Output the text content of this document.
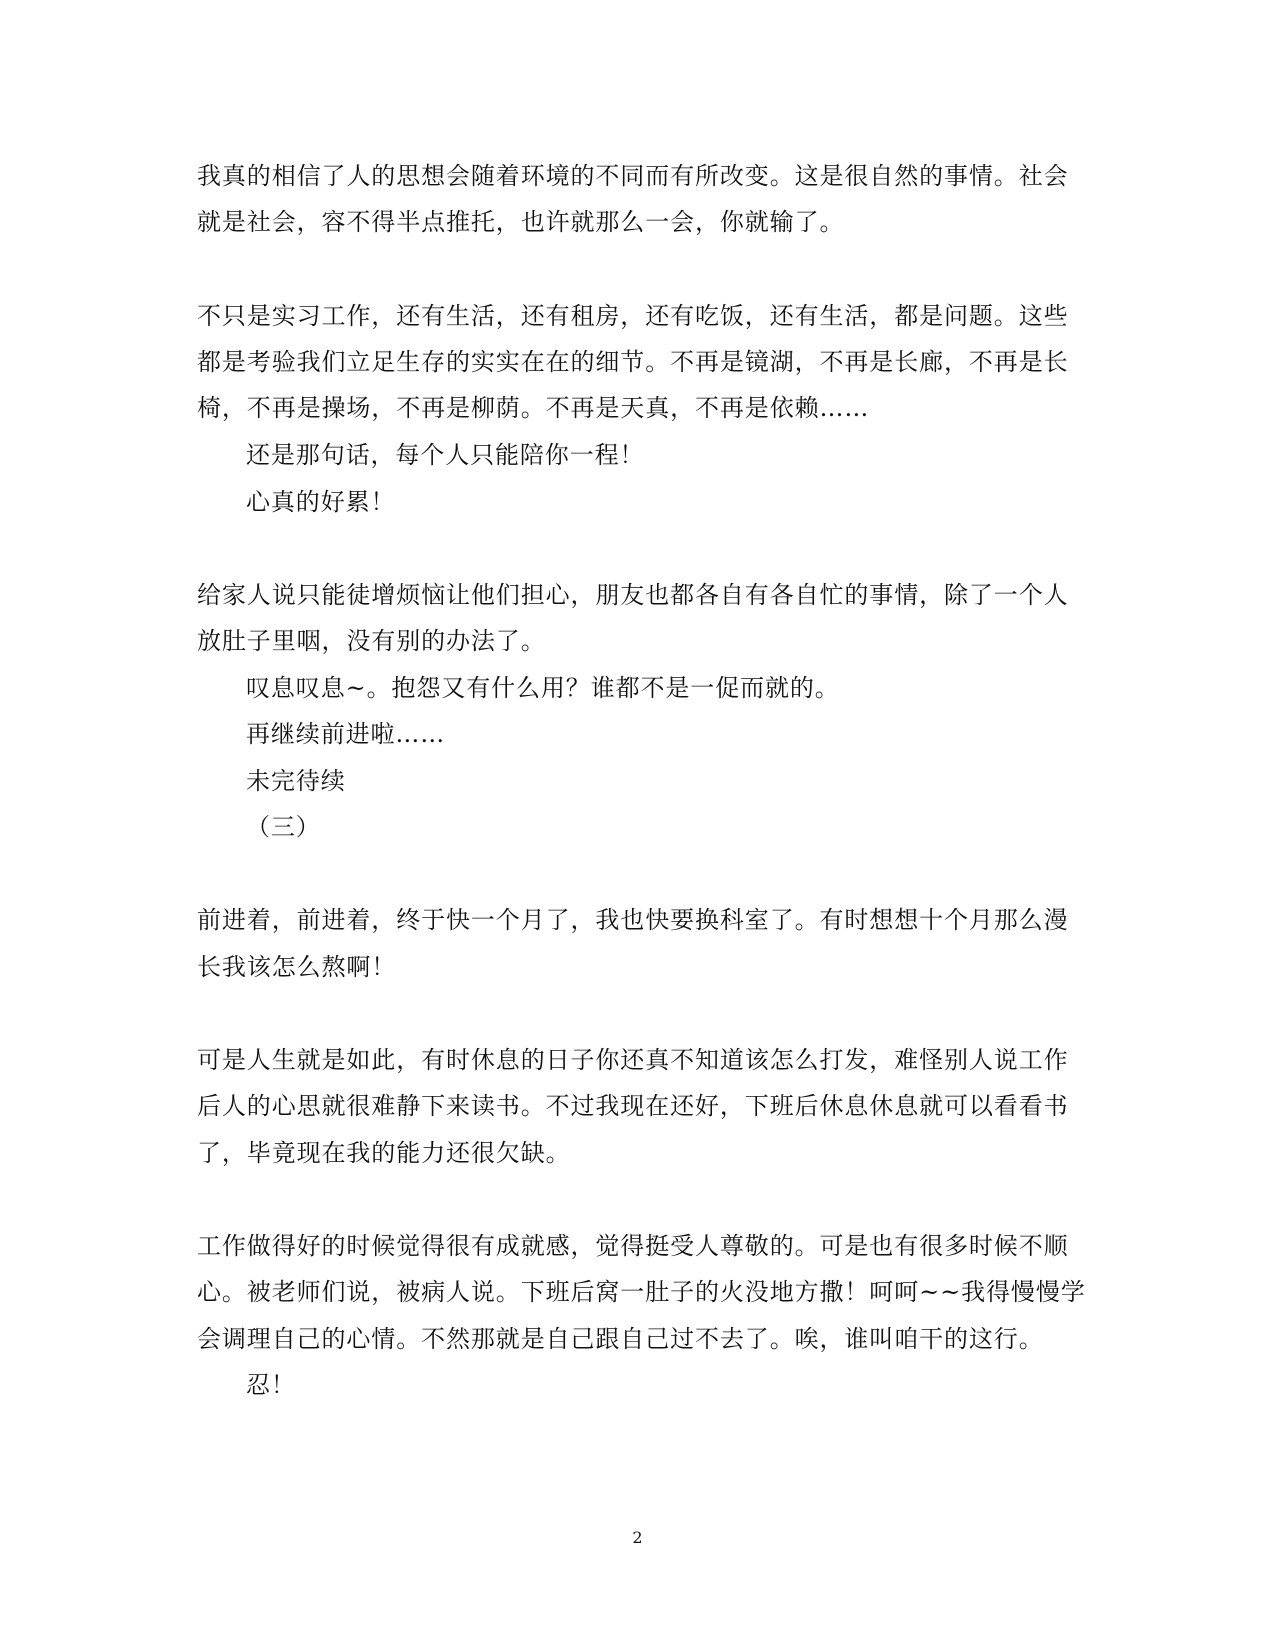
我真的相信了人的思想会随着环境的不同而有所改变。这是很自然的事情。社会
就是社会，容不得半点推托，也许就那么一会，你就输了。
不只是实习工作，还有生活，还有租房，还有吃饭，还有生活，都是问题。这些
都是考验我们立足生存的实实在在的细节。不再是镜湖，不再是长廊，不再是长
椅，不再是操场，不再是柳荫。不再是天真，不再是依赖……
还是那句话，每个人只能陪你一程！
心真的好累！
给家人说只能徒增烦恼让他们担心，朋友也都各自有各自忙的事情，除了一个人
放肚子里咽，没有别的办法了。
叹息叹息~。抱怨又有什么用？谁都不是一促而就的。
再继续前进啦……
未完待续
（三）
前进着，前进着，终于快一个月了，我也快要换科室了。有时想想十个月那么漫
长我该怎么熬啊！
可是人生就是如此，有时休息的日子你还真不知道该怎么打发，难怪别人说工作
后人的心思就很难静下来读书。不过我现在还好，下班后休息休息就可以看看书
了，毕竟现在我的能力还很欠缺。
工作做得好的时候觉得很有成就感，觉得挺受人尊敬的。可是也有很多时候不顺
心。被老师们说，被病人说。下班后窝一肚子的火没地方撒！呵呵~~我得慢慢学
会调理自己的心情。不然那就是自己跟自己过不去了。唉，谁叫咱干的这行。
忍！
2
